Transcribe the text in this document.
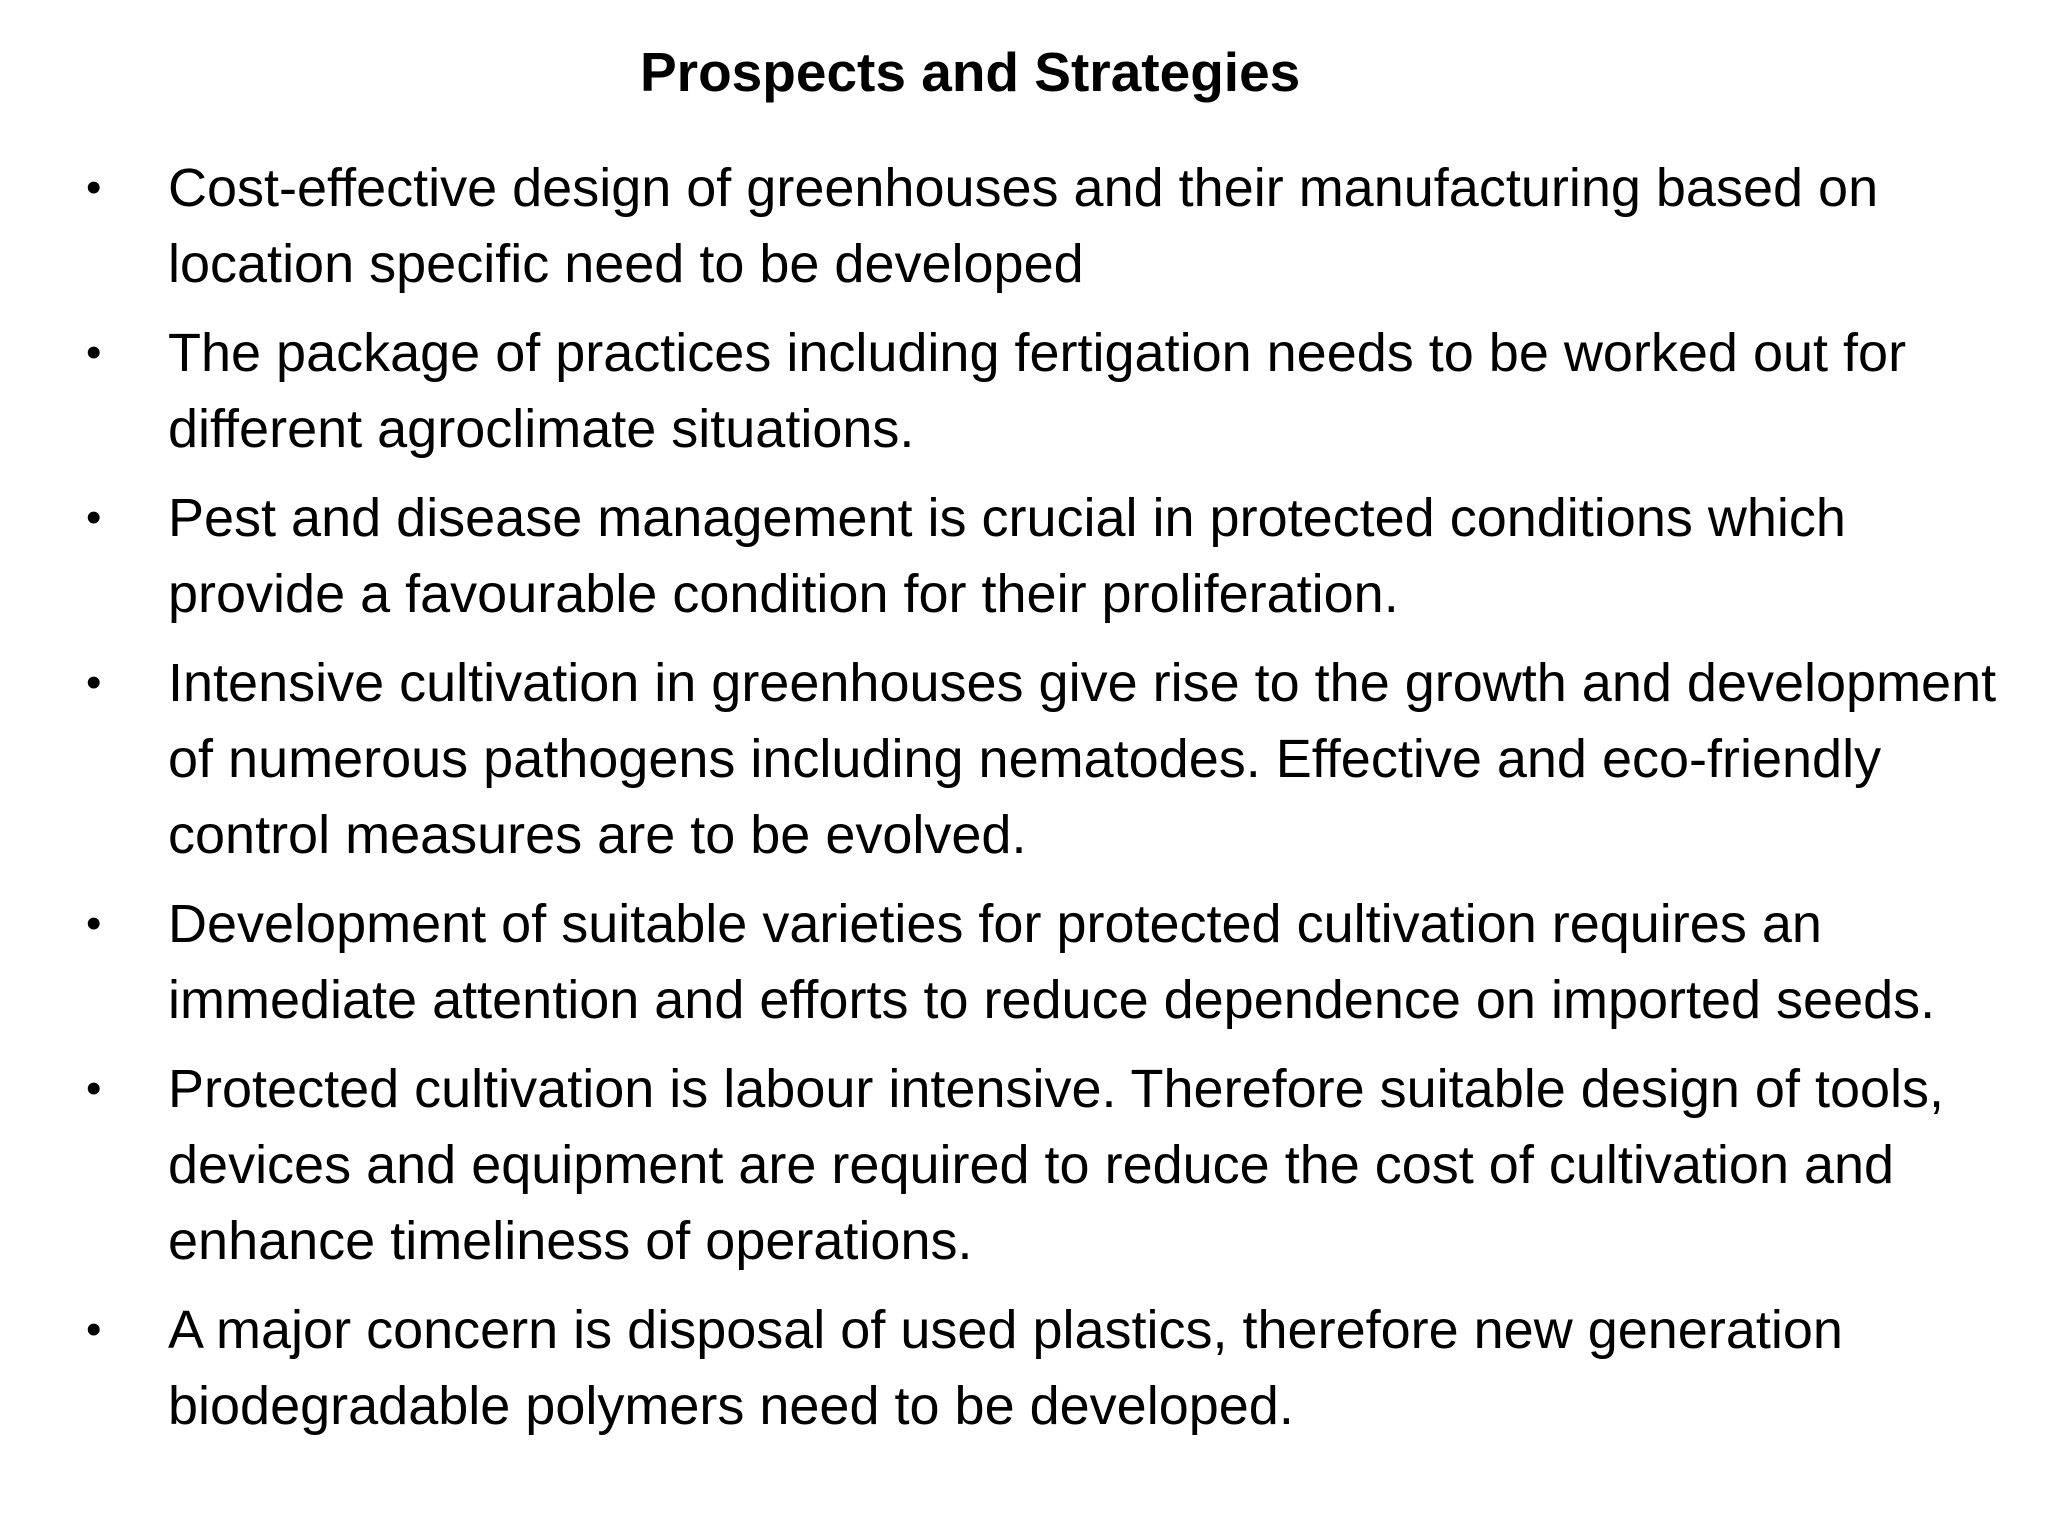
Prospects and Strategies
• Cost-effective design of greenhouses and their manufacturing based on location specific need to be developed
• The package of practices including fertigation needs to be worked out for different agroclimate situations.
• Pest and disease management is crucial in protected conditions which provide a favourable condition for their proliferation.
• Intensive cultivation in greenhouses give rise to the growth and development of numerous pathogens including nematodes. Effective and eco-friendly control measures are to be evolved.
• Development of suitable varieties for protected cultivation requires an immediate attention and efforts to reduce dependence on imported seeds.
• Protected cultivation is labour intensive. Therefore suitable design of tools, devices and equipment are required to reduce the cost of cultivation and enhance timeliness of operations.
• A major concern is disposal of used plastics, therefore new generation biodegradable polymers need to be developed.
